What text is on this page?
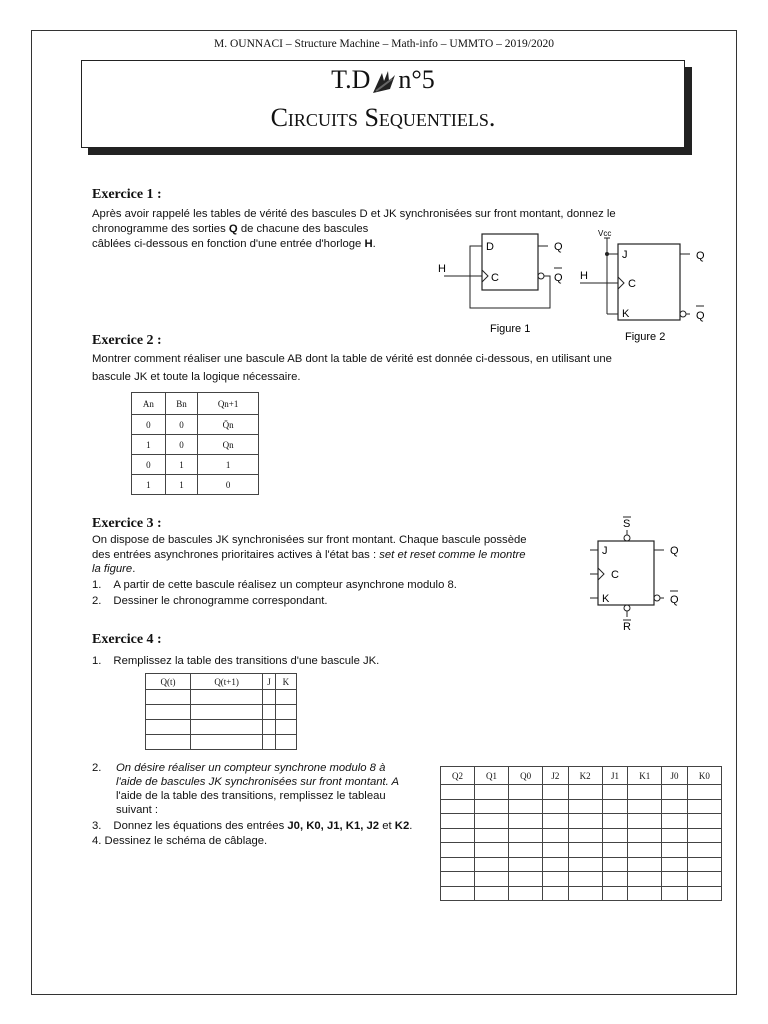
M. OUNNACI – Structure Machine – Math-info – UMMTO – 2019/2020
T.D n°5
Circuits Sequentiels.
Exercice 1 :
Après avoir rappelé les tables de vérité des bascules D et JK synchronisées sur front montant, donnez le
chronogramme des sorties Q de chacune des bascules
câblées ci-dessous en fonction d'une entrée d'horloge H.	D
C
Q
Q
H
Figure 1
Vcc
J
C
K
H
Q
Q
Figure 2
Exercice 2 :
Montrer comment réaliser une bascule AB dont la table de vérité est donnée ci-dessous, en utilisant une
bascule JK et toute la logique nécessaire.
An	Bn	Qn+1
0	0	Q̄n
1	0	Qn
0	1	1
1	1	0
Exercice 3 :
On dispose de bascules JK synchronisées sur front montant. Chaque bascule possède
des entrées asynchrones prioritaires actives à l'état bas : set et reset comme le montre
la figure.
1. A partir de cette bascule réalisez un compteur asynchrone modulo 8.
2. Dessiner le chronogramme correspondant.
S
J
C
K
Q
Q
R
Exercice 4 :
1. Remplissez la table des transitions d'une bascule JK.
Q(t)	Q(t+1)	J	K

2. On désire réaliser un compteur synchrone modulo 8 à
l'aide de bascules JK synchronisées sur front montant. A
l'aide de la table des transitions, remplissez le tableau
suivant :
3. Donnez les équations des entrées J0, K0, J1, K1, J2 et K2.
4. Dessinez le schéma de câblage.
Q2	Q1	Q0	J2	K2	J1	K1	J0	K0
